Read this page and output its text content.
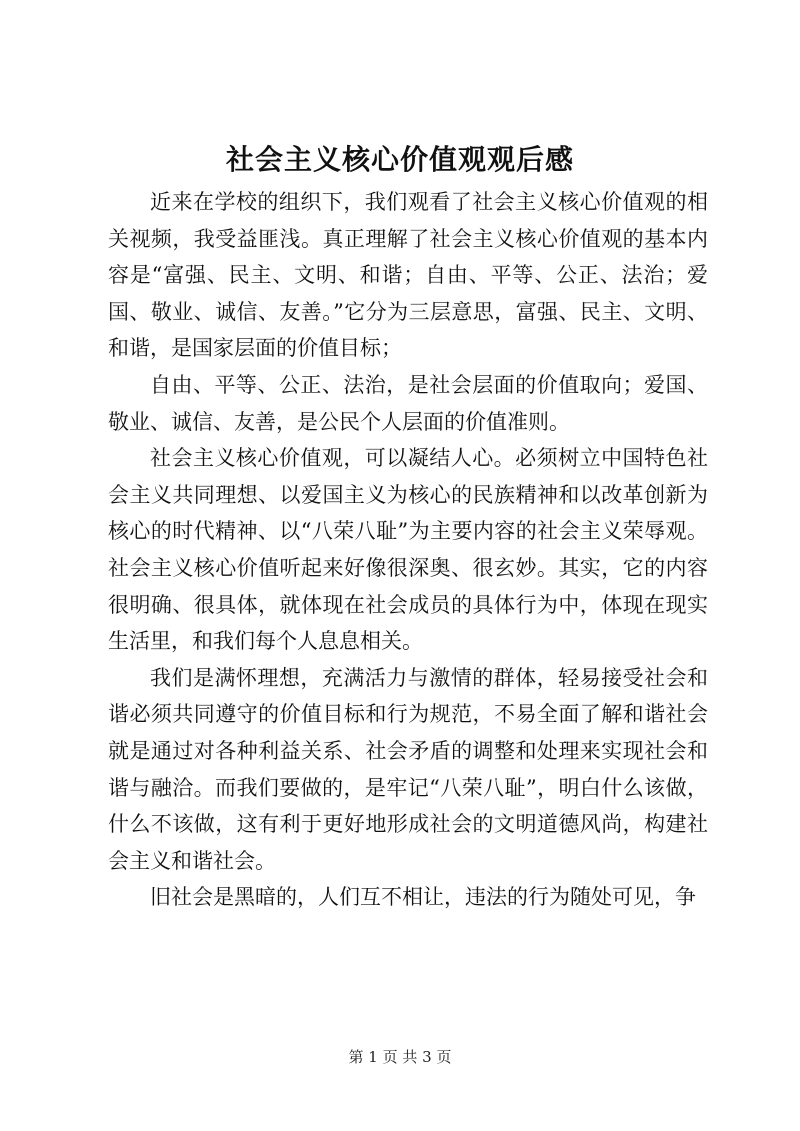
社会主义核心价值观观后感

近来在学校的组织下，我们观看了社会主义核心价值观的相关视频，我受益匪浅。真正理解了社会主义核心价值观的基本内容是“富强、民主、文明、和谐；自由、平等、公正、法治；爱国、敬业、诚信、友善。”它分为三层意思，富强、民主、文明、和谐，是国家层面的价值目标；

自由、平等、公正、法治，是社会层面的价值取向；爱国、敬业、诚信、友善，是公民个人层面的价值准则。

社会主义核心价值观，可以凝结人心。必须树立中国特色社会主义共同理想、以爱国主义为核心的民族精神和以改革创新为核心的时代精神、以“八荣八耻”为主要内容的社会主义荣辱观。社会主义核心价值听起来好像很深奥、很玄妙。其实，它的内容很明确、很具体，就体现在社会成员的具体行为中，体现在现实生活里，和我们每个人息息相关。

我们是满怀理想，充满活力与激情的群体，轻易接受社会和谐必须共同遵守的价值目标和行为规范，不易全面了解和谐社会就是通过对各种利益关系、社会矛盾的调整和处理来实现社会和谐与融洽。而我们要做的，是牢记“八荣八耻”，明白什么该做，什么不该做，这有利于更好地形成社会的文明道德风尚，构建社会主义和谐社会。

旧社会是黑暗的，人们互不相让，违法的行为随处可见，争

第 1 页 共 3 页
